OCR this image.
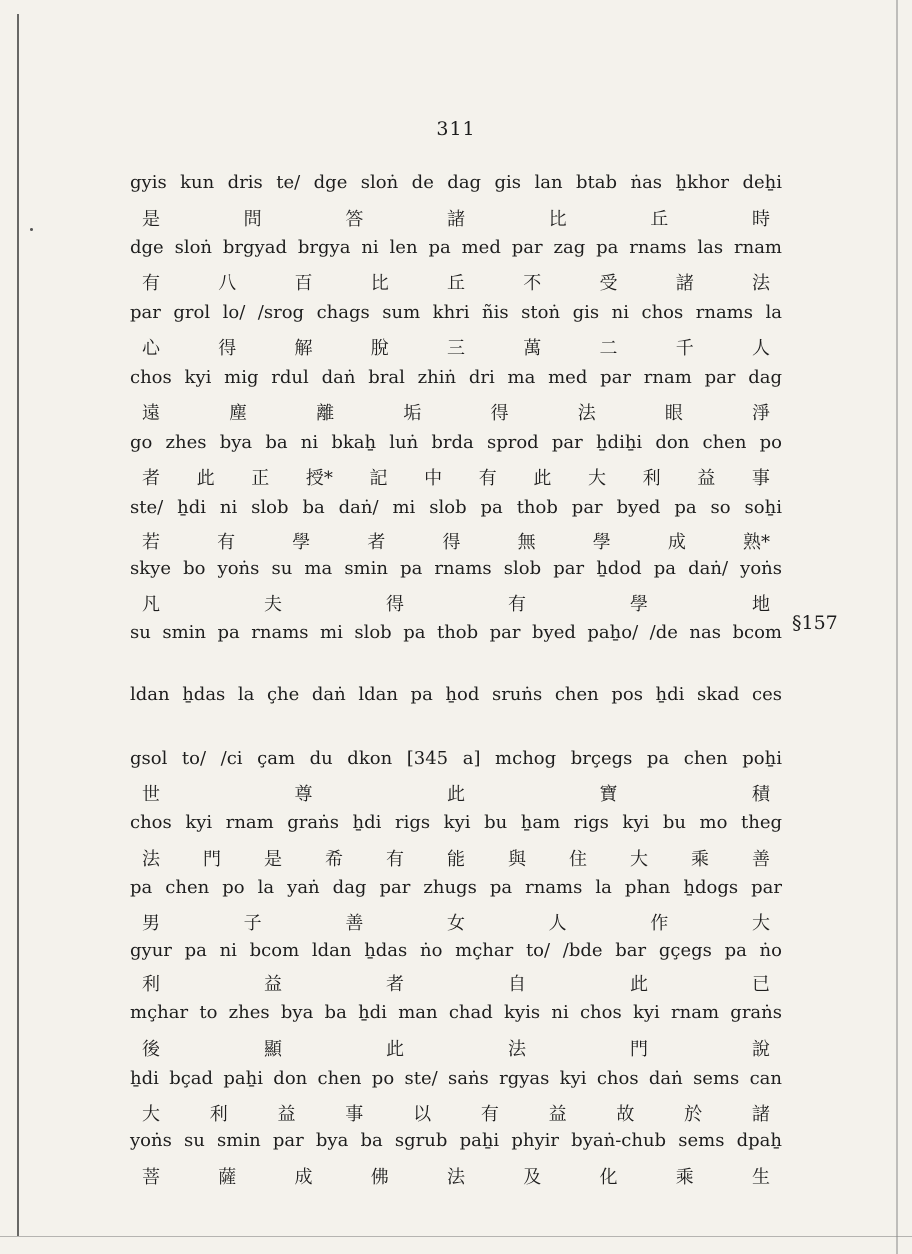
311
gyis kun dris te/ dge sloṅ de dag gis lan btab ṅas ẖkhor deẖi
是	問	答	諸	比	丘	時
dge sloṅ brgyad brgya ni len pa med par zag pa rnams las rnam
有	八	百	比	丘	不	受	諸	法
par grol lo/ /srog chags sum khri ñis stoṅ gis ni chos rnams la
心	得	解	脫	三	萬	二	千	人
chos kyi mig rdul daṅ bral zhiṅ dri ma med par rnam par dag
遠	塵	離	垢	得	法	眼	淨
go zhes bya ba ni bkaẖ luṅ brda sprod par ẖdiẖi don chen po
者 此 正 授* 記 中 有 此 大 利 益 事
ste/ ẖdi ni slob ba daṅ/ mi slob pa thob par byed pa so soẖi
若	有	學	者	得	無	學	成	熟*
skye bo yoṅs su ma smin pa rnams slob par ẖdod pa daṅ/ yoṅs
凡	夫	得	有	學	地
su smin pa rnams mi slob pa thob par byed paẖo/ /de nas bcom §157
ldan ẖdas la çhe daṅ ldan pa ẖod sruṅs chen pos ẖdi skad ces
gsol to/ /ci çam du dkon [345 a] mchog brçegs pa chen poẖi
世	尊	此	寶	積
chos kyi rnam graṅs ẖdi rigs kyi bu ẖam rigs kyi bu mo theg
法 門 是 希 有 能 與 住 大 乘 善
pa chen po la yaṅ dag par zhugs pa rnams la phan ẖdogs par
男	子	善	女	人	作	大
gyur pa ni bcom ldan ẖdas ṅo mçhar to/ /bde bar gçegs pa ṅo
利	益	者	自	此	已
mçhar to zhes bya ba ẖdi man chad kyis ni chos kyi rnam graṅs
後	顯	此	法	門	說
ẖdi bçad paẖi don chen po ste/ saṅs rgyas kyi chos daṅ sems can
大	利	益	事	以	有	益	故	於	諸
yoṅs su smin par bya ba sgrub paẖi phyir byaṅ-chub sems dpaẖ
菩	薩	成	佛	法	及	化	乘	生
